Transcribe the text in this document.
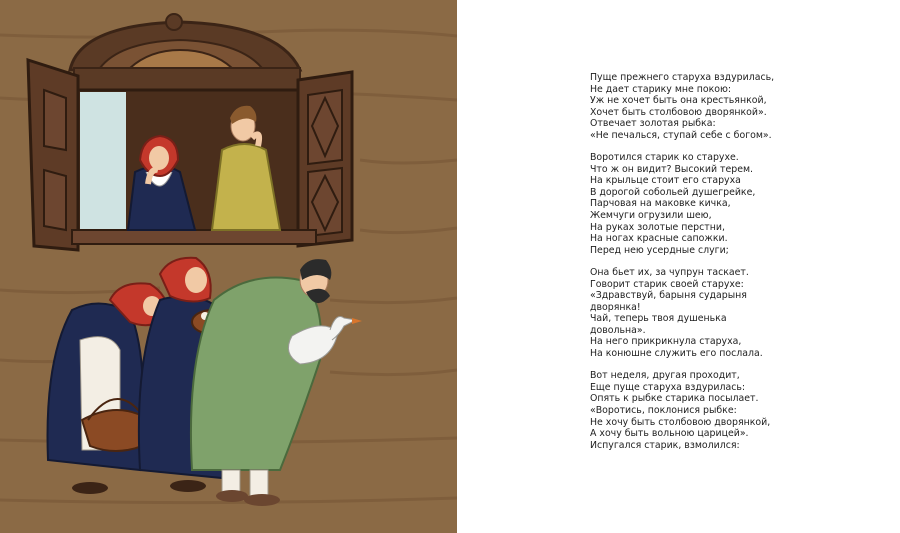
Пуще прежнего старуха вздурилась,
Не дает старику мне покою:
Уж не хочет быть она крестьянкой,
Хочет быть столбовою дворянкой».
Отвечает золотая рыбка:
«Не печалься, ступай себе с богом».
Воротился старик ко старухе.
Что ж он видит? Высокий терем.
На крыльце стоит его старуха
В дорогой собольей душегрейке,
Парчовая на маковке кичка,
Жемчуги огрузили шею,
На руках золотые перстни,
На ногах красные сапожки.
Перед нею усердные слуги;
Она бьет их, за чупрун таскает.
Говорит старик своей старухе:
«Здравствуй, барыня сударыня
дворянка!
Чай, теперь твоя душенька
довольна».
На него прикрикнула старуха,
На конюшне служить его послала.
Вот неделя, другая проходит,
Еще пуще старуха вздурилась:
Опять к рыбке старика посылает.
«Воротись, поклонися рыбке:
Не хочу быть столбовою дворянкой,
А хочу быть вольною царицей».
Испугался старик, взмолился:
